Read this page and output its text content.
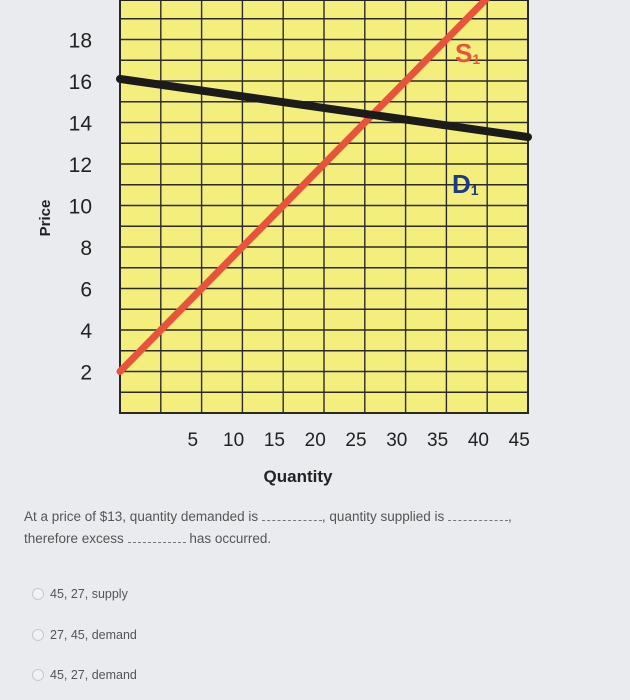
2
4
6
8
10
12
14
16
18
5 10 15 20 25 30 35 40 45
Price
Quantity
S1
D1
At a price of $13, quantity demanded is	, quantity supplied is	,
therefore excess	has occurred.
45, 27, supply
27, 45, demand
45, 27, demand
